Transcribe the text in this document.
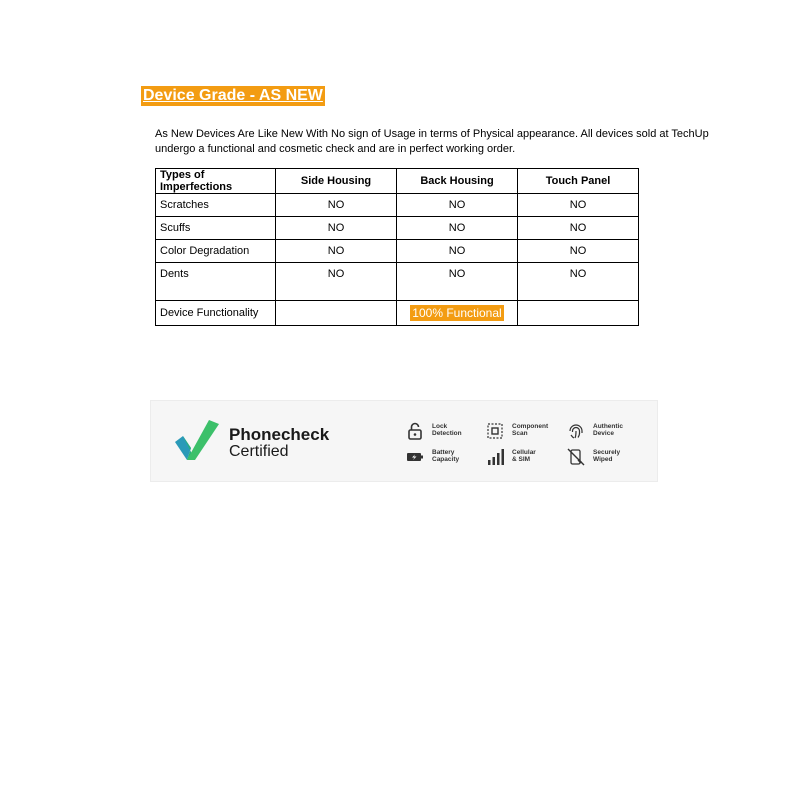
Device Grade - AS NEW
As New Devices Are Like New With No sign of Usage in terms of Physical appearance. All devices sold at TechUp undergo a functional and cosmetic check and are in perfect working order.
Types of Imperfections	Side Housing	Back Housing	Touch Panel
Scratches	NO	NO	NO
Scuffs	NO	NO	NO
Color Degradation	NO	NO	NO
Dents	NO	NO	NO
Device Functionality		100% Functional	
Phonecheck
Certified
Lock
Detection
Component
Scan
Authentic
Device
Battery
Capacity
Cellular
& SIM
Securely
Wiped
